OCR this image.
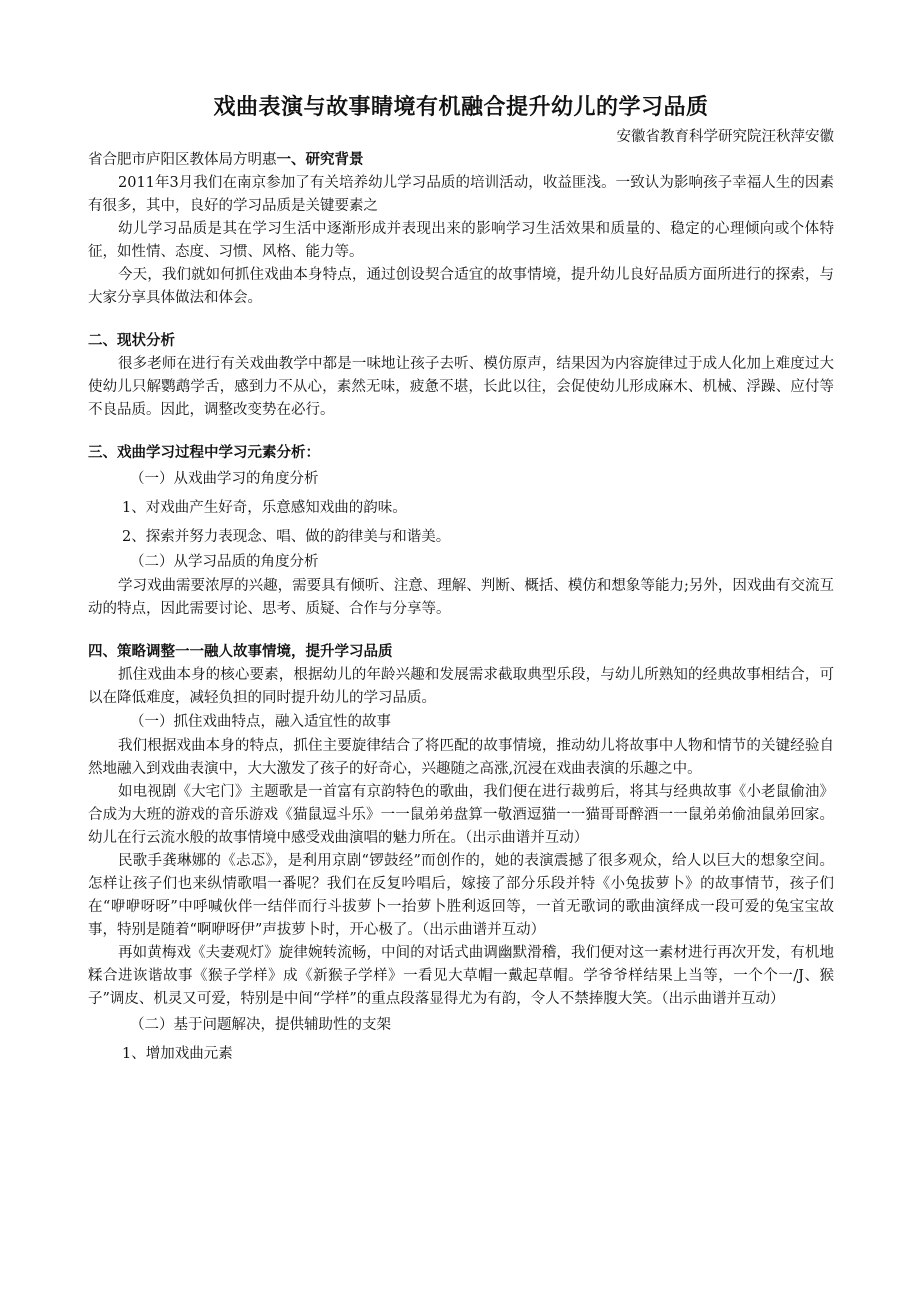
戏曲表演与故事睛境有机融合提升幼儿的学习品质

安徽省教育科学研究院汪秋萍安徽

省合肥市庐阳区教体局方明惠一、研究背景

2011年3月我们在南京参加了有关培养幼儿学习品质的培训活动，收益匪浅。一致认为影响孩子幸福人生的因素有很多，其中，良好的学习品质是关键要素之

幼儿学习品质是其在学习生活中逐渐形成并表现出来的影响学习生活效果和质量的、稳定的心理倾向或个体特征，如性情、态度、习惯、风格、能力等。

今天，我们就如何抓住戏曲本身特点，通过创设契合适宜的故事情境，提升幼儿良好品质方面所进行的探索，与大家分享具体做法和体会。

二、现状分析

很多老师在进行有关戏曲教学中都是一味地让孩子去听、模仿原声，结果因为内容旋律过于成人化加上难度过大使幼儿只解鹦鹉学舌，感到力不从心，素然无味，疲惫不堪，长此以往，会促使幼儿形成麻木、机械、浮躁、应付等不良品质。因此，调整改变势在必行。

三、戏曲学习过程中学习元素分析：

（一）从戏曲学习的角度分析

1、对戏曲产生好奇，乐意感知戏曲的韵味。

2、探索并努力表现念、唱、做的韵律美与和谐美。

（二）从学习品质的角度分析

学习戏曲需要浓厚的兴趣，需要具有倾听、注意、理解、判断、概括、模仿和想象等能力;另外，因戏曲有交流互动的特点，因此需要讨论、思考、质疑、合作与分享等。

四、策略调整一一融人故事情境，提升学习品质

抓住戏曲本身的核心要素，根据幼儿的年龄兴趣和发展需求截取典型乐段，与幼儿所熟知的经典故事相结合，可以在降低难度，减轻负担的同时提升幼儿的学习品质。

（一）抓住戏曲特点，融入适宜性的故事

我们根据戏曲本身的特点，抓住主要旋律结合了将匹配的故事情境，推动幼儿将故事中人物和情节的关键经验自然地融入到戏曲表演中，大大激发了孩子的好奇心，兴趣随之高涨,沉浸在戏曲表演的乐趣之中。

如电视剧《大宅门》主题歌是一首富有京韵特色的歌曲，我们便在进行裁剪后，将其与经典故事《小老鼠偷油》合成为大班的游戏的音乐游戏《猫鼠逗斗乐》一一鼠弟弟盘算一敬酒逗猫一一猫哥哥醉酒一一鼠弟弟偷油鼠弟回家。幼儿在行云流水般的故事情境中感受戏曲演唱的魅力所在。（出示曲谱并互动）

民歌手龚琳娜的《忐忑》，是利用京剧“锣鼓经”而创作的，她的表演震撼了很多观众，给人以巨大的想象空间。怎样让孩子们也来纵情歌唱一番呢？我们在反复吟唱后，嫁接了部分乐段并特《小兔拔萝卜》的故事情节，孩子们在“咿咿呀呀”中呼喊伙伴一结伴而行斗拔萝卜一抬萝卜胜利返回等，一首无歌词的歌曲演绎成一段可爱的兔宝宝故事，特别是随着“啊咿呀伊”声拔萝卜时，开心极了。（出示曲谱并互动）

再如黄梅戏《夫妻观灯》旋律婉转流畅，中间的对话式曲调幽默滑稽，我们便对这一素材进行再次开发，有机地糅合进诙谐故事《猴子学样》成《新猴子学样》一看见大草帽一戴起草帽。学爷爷样结果上当等，一个个一/J、猴子”调皮、机灵又可爱，特别是中间“学样”的重点段落显得尤为有韵，令人不禁捧腹大笑。（出示曲谱并互动）

（二）基于问题解决，提供辅助性的支架

1、增加戏曲元素
